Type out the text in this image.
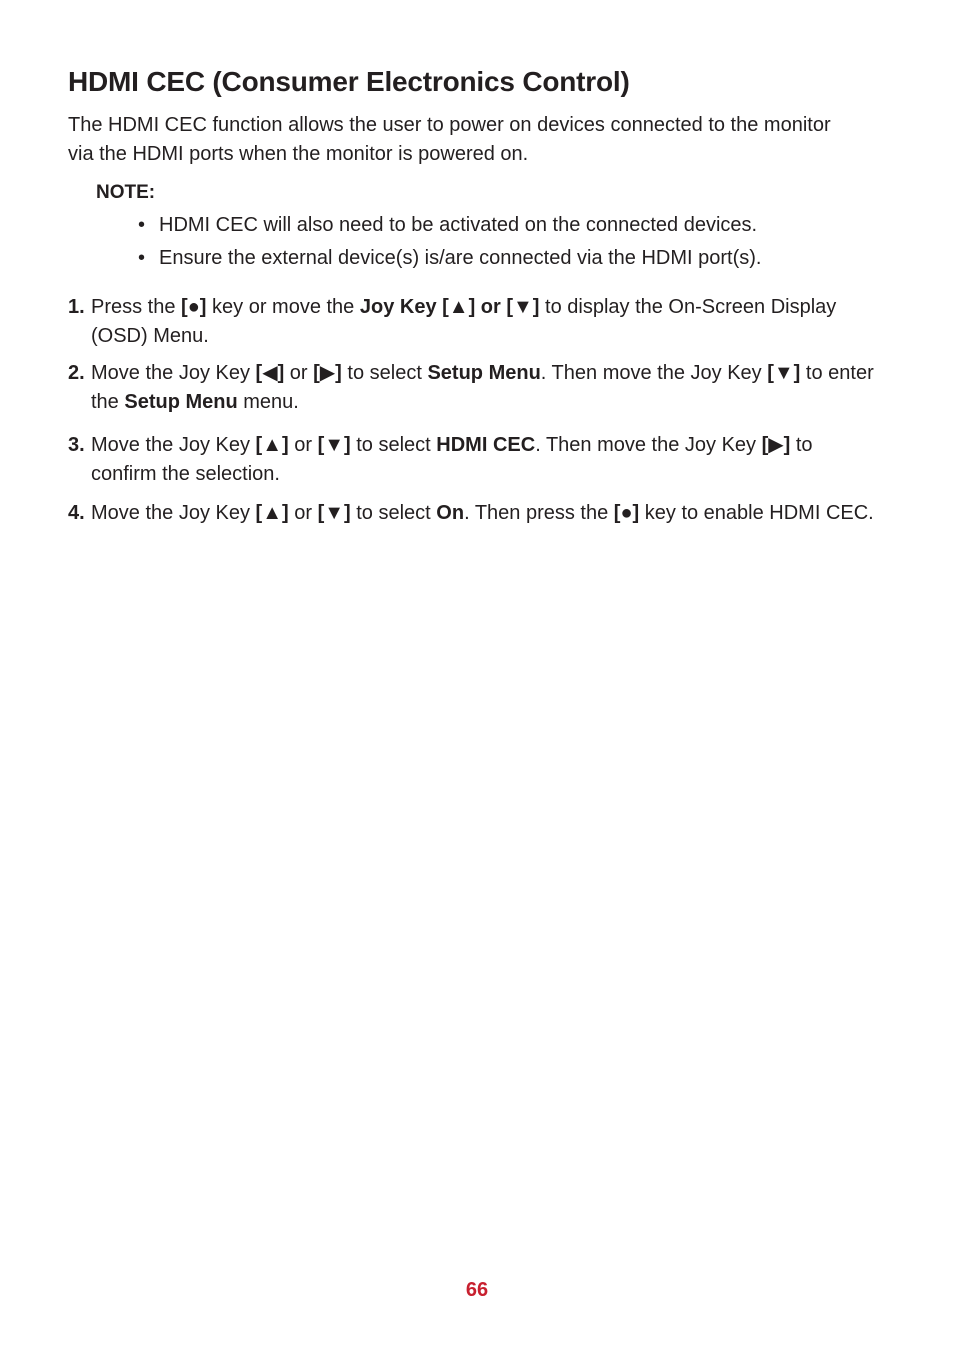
HDMI CEC (Consumer Electronics Control)

The HDMI CEC function allows the user to power on devices connected to the monitor via the HDMI ports when the monitor is powered on.

NOTE:
• HDMI CEC will also need to be activated on the connected devices.
• Ensure the external device(s) is/are connected via the HDMI port(s).
1. Press the [●] key or move the Joy Key [▲] or [▼] to display the On-Screen Display (OSD) Menu.
2. Move the Joy Key [◀] or [▶] to select Setup Menu. Then move the Joy Key [▼] to enter the Setup Menu menu.
3. Move the Joy Key [▲] or [▼] to select HDMI CEC. Then move the Joy Key [▶] to confirm the selection.
4. Move the Joy Key [▲] or [▼] to select On. Then press the [●] key to enable HDMI CEC.
66
